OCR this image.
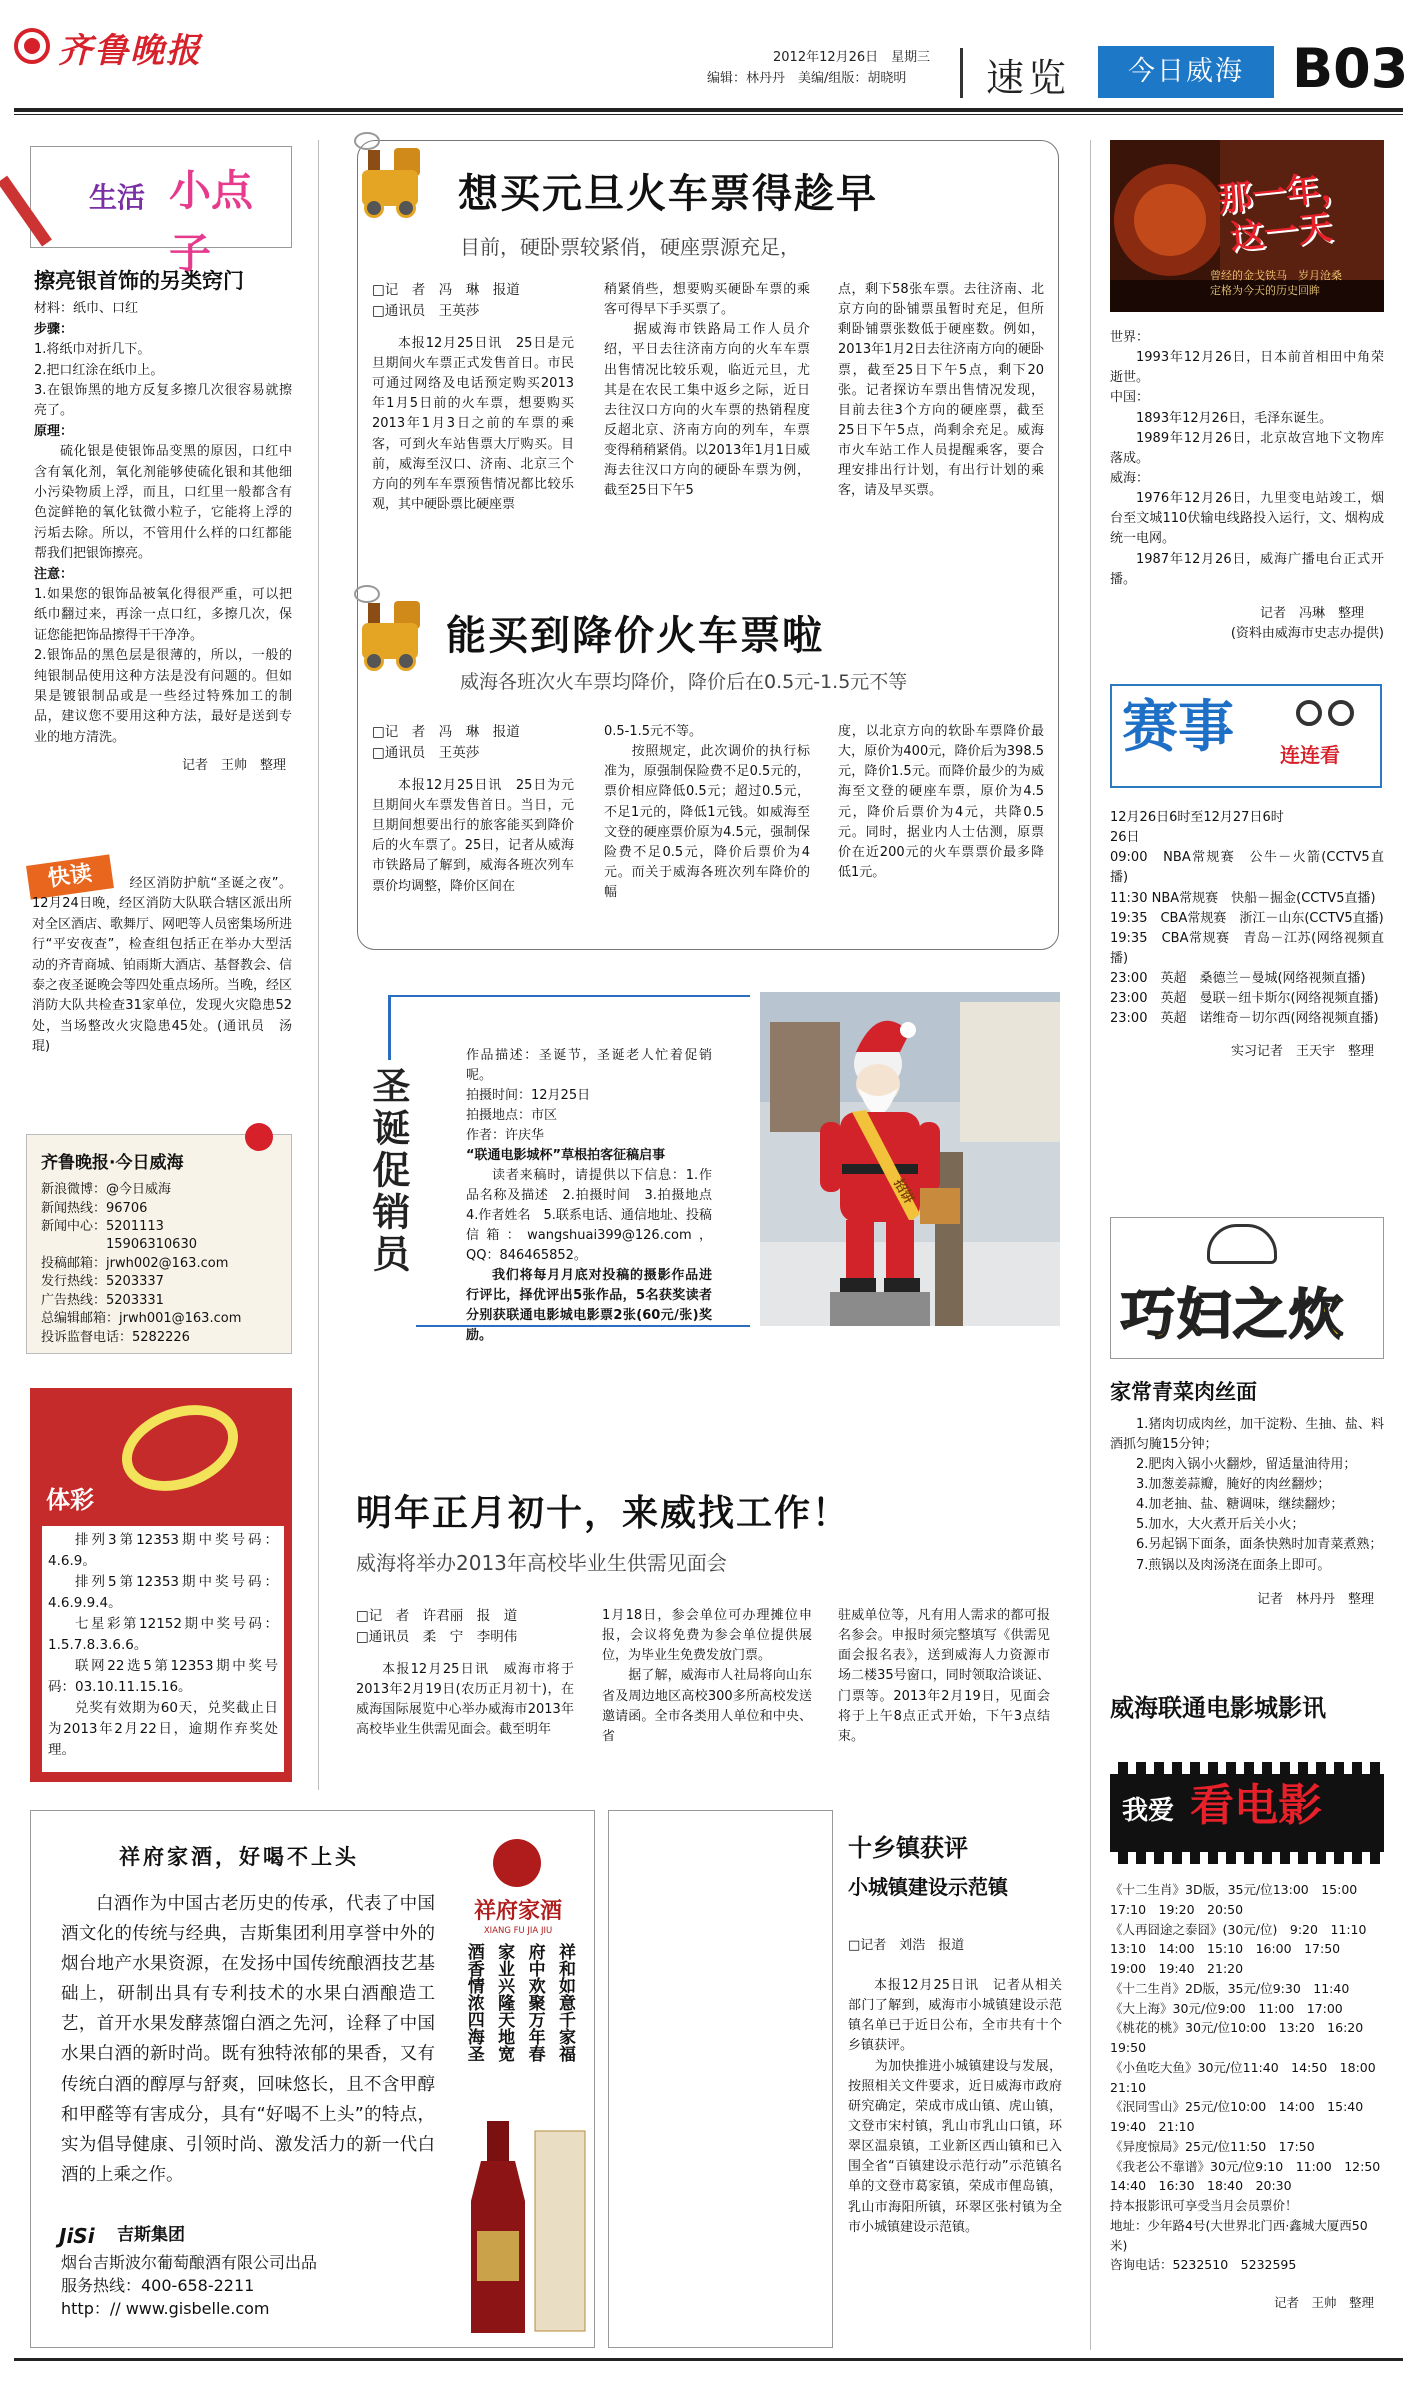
齐鲁晚报	2012年12月26日　星期三
编辑：林丹丹　美编/组版：胡晓明	速览	今日威海 B03
生活 小点子
擦亮银首饰的另类窍门

材料：纸巾、口红

步骤：

1.将纸巾对折几下。

2.把口红涂在纸巾上。

3.在银饰黑的地方反复多擦几次很容易就擦亮了。

原理：

硫化银是使银饰品变黑的原因，口红中含有氧化剂，氧化剂能够使硫化银和其他细小污染物质上浮，而且，口红里一般都含有色淀鲜艳的氧化钛微小粒子，它能将上浮的污垢去除。所以，不管用什么样的口红都能帮我们把银饰擦亮。

注意：

1.如果您的银饰品被氧化得很严重，可以把纸巾翻过来，再涂一点口红，多擦几次，保证您能把饰品擦得干干净净。

2.银饰品的黑色层是很薄的，所以，一般的纯银制品使用这种方法是没有问题的。但如果是镀银制品或是一些经过特殊加工的制品，建议您不要用这种方法，最好是送到专业的地方清洗。

记者　王帅　整理

快读	经区消防护航“圣诞之夜”。12月24日晚，经区消防大队联合辖区派出所对全区酒店、歌舞厅、网吧等人员密集场所进行“平安夜查”，检查组包括正在举办大型活动的齐青商城、铂雨斯大酒店、基督教会、信泰之夜圣诞晚会等四处重点场所。当晚，经区消防大队共检查31家单位，发现火灾隐患52处，当场整改火灾隐患45处。(通讯员　汤琨)
齐鲁晚报·今日威海
新浪微博：@今日威海
新闻热线：96706
新闻中心：5201113
　　　　　15906310630
投稿邮箱：jrwh002@163.com
发行热线：5203337
广告热线：5203331
总编辑邮箱：jrwh001@163.com
投诉监督电话：5282226
体彩

排列3第12353期中奖号码：4.6.9。

排列5第12353期中奖号码：4.6.9.9.4。

七星彩第12152期中奖号码：1.5.7.8.3.6.6。

联网22选5第12353期中奖号码：03.10.11.15.16。

兑奖有效期为60天，兑奖截止日为2013年2月22日，逾期作弃奖处理。

想买元旦火车票得趁早
目前，硬卧票较紧俏，硬座票源充足，

□记　者　冯　琳　报道

□通讯员　王英莎

本报12月25日讯　25日是元旦期间火车票正式发售首日。市民可通过网络及电话预定购买2013年1月5日前的火车票，想要购买2013年1月3日之前的车票的乘客，可到火车站售票大厅购买。目前，威海至汉口、济南、北京三个方向的列车车票预售情况都比较乐观，其中硬卧票比硬座票

稍紧俏些，想要购买硬卧车票的乘客可得早下手买票了。
　　据威海市铁路局工作人员介绍，平日去往济南方向的火车车票出售情况比较乐观，临近元旦，尤其是在农民工集中返乡之际，近日去往汉口方向的火车票的热销程度反超北京、济南方向的列车，车票变得稍稍紧俏。以2013年1月1日威海去往汉口方向的硬卧车票为例，截至25日下午5
点，剩下58张车票。去往济南、北京方向的卧铺票虽暂时充足，但所剩卧铺票张数低于硬座数。例如，2013年1月2日去往济南方向的硬卧票，截至25日下午5点，剩下20张。记者探访车票出售情况发现，目前去往3个方向的硬座票，截至25日下午5点，尚剩余充足。威海市火车站工作人员提醒乘客，要合理安排出行计划，有出行计划的乘客，请及早买票。
能买到降价火车票啦
威海各班次火车票均降价，降价后在0.5元-1.5元不等

□记　者　冯　琳　报道

□通讯员　王英莎

本报12月25日讯　25日为元旦期间火车票发售首日。当日，元旦期间想要出行的旅客能买到降价后的火车票了。25日，记者从威海市铁路局了解到，威海各班次列车票价均调整，降价区间在

0.5-1.5元不等。
　　按照规定，此次调价的执行标准为，原强制保险费不足0.5元的，票价相应降低0.5元；超过0.5元，不足1元的，降低1元钱。如威海至文登的硬座票价原为4.5元，强制保险费不足0.5元，降价后票价为4元。而关于威海各班次列车降价的幅
度，以北京方向的软卧车票降价最大，原价为400元，降价后为398.5元，降价1.5元。而降价最少的为威海至文登的硬座车票，原价为4.5元，降价后票价为4元，共降0.5元。同时，据业内人士估测，原票价在近200元的火车票票价最多降低1元。
圣诞促销员

作品描述：圣诞节，圣诞老人忙着促销呢。

拍摄时间：12月25日

拍摄地点：市区

作者：许庆华

“联通电影城杯”草根拍客征稿启事

读者来稿时，请提供以下信息：1.作品名称及描述　2.拍摄时间　3.拍摄地点　4.作者姓名　5.联系电话、通信地址、投稿信箱：wangshuai399@126.com，QQ：846465852。

我们将每月月底对投稿的摄影作品进行评比，择优评出5张作品，5名获奖读者分别获联通电影城电影票2张(60元/张)奖励。

招饼
明年正月初十，来威找工作！
威海将举办2013年高校毕业生供需见面会

□记　者　许君丽　报　道

□通讯员　柔　宁　李明伟

本报12月25日讯　威海市将于2013年2月19日(农历正月初十)，在威海国际展览中心举办威海市2013年高校毕业生供需见面会。截至明年

1月18日，参会单位可办理摊位申报，会议将免费为参会单位提供展位，为毕业生免费发放门票。
　　据了解，威海市人社局将向山东省及周边地区高校300多所高校发送邀请函。全市各类用人单位和中央、省
驻威单位等，凡有用人需求的都可报名参会。申报时须完整填写《供需见面会报名表》，送到威海人力资源市场二楼35号窗口，同时领取洽谈证、门票等。2013年2月19日，见面会将于上午8点正式开始，下午3点结束。
那一年，
这一天
曾经的金戈铁马　岁月沧桑
定格为今天的历史回眸

世界：

1993年12月26日，日本前首相田中角荣逝世。

中国：

1893年12月26日，毛泽东诞生。

1989年12月26日，北京故宫地下文物库落成。

威海：

1976年12月26日，九里变电站竣工，烟台至文城110伏输电线路投入运行，文、烟构成统一电网。

1987年12月26日，威海广播电台正式开播。

记者　冯琳　整理

(资料由威海市史志办提供)

赛事 连连看

12月26日6时至12月27日6时

26日

09:00　NBA常规赛　公牛－火箭(CCTV5直播)

11:30 NBA常规赛　快船－掘金(CCTV5直播)

19:35　CBA常规赛　浙江－山东(CCTV5直播)

19:35　CBA常规赛　青岛－江苏(网络视频直播)

23:00　英超　桑德兰－曼城(网络视频直播)

23:00　英超　曼联－纽卡斯尔(网络视频直播)

23:00　英超　诺维奇－切尔西(网络视频直播)

实习记者　王天宇　整理

巧妇之炊
家常青菜肉丝面

1.猪肉切成肉丝，加干淀粉、生抽、盐、料酒抓匀腌15分钟；

2.肥肉入锅小火翻炒，留适量油待用；

3.加葱姜蒜瓣，腌好的肉丝翻炒；

4.加老抽、盐、糖调味，继续翻炒；

5.加水，大火煮开后关小火；

6.另起锅下面条，面条快熟时加青菜煮熟；

7.煎锅以及肉汤浇在面条上即可。

记者　林丹丹　整理

威海联通电影城影讯
我爱 看电影

《十二生肖》3D版，35元/位13:00　15:00　17:10　19:20　20:50

《人再囧途之泰囧》(30元/位)　9:20　11:10　13:10　14:00　15:10　16:00　17:50　19:00　19:40　21:20

《十二生肖》2D版，35元/位9:30　11:40

《大上海》30元/位9:00　11:00　17:00

《桃花的桃》30元/位10:00　13:20　16:20　19:50

《小鱼吃大鱼》30元/位11:40　14:50　18:00　21:10

《泯同雪山》25元/位10:00　14:00　15:40　19:40　21:10

《异度惊局》25元/位11:50　17:50

《我老公不靠谱》30元/位9:10　11:00　12:50　14:40　16:30　18:40　20:30

持本报影讯可享受当月会员票价！

地址：少年路4号(大世界北门西·鑫城大厦西50米)

咨询电话：5232510　5232595

记者　王帅　整理

祥府家酒，好喝不上头
白酒作为中国古老历史的传承，代表了中国酒文化的传统与经典，吉斯集团利用享誉中外的烟台地产水果资源，在发扬中国传统酿酒技艺基础上，研制出具有专利技术的水果白酒酿造工艺，首开水果发酵蒸馏白酒之先河，诠释了中国水果白酒的新时尚。既有独特浓郁的果香，又有传统白酒的醇厚与舒爽，回味悠长，且不含甲醇和甲醛等有害成分，具有“好喝不上头”的特点，实为倡导健康、引领时尚、激发活力的新一代白酒的上乘之作。
JiSi 吉斯集团
烟台吉斯波尔葡萄酿酒有限公司出品
服务热线：400-658-2211
http：// www.gisbelle.com
祥府家酒
XIANG FU JIA JIU
祥和如意千家福
府中欢聚万年春
家业兴隆天地宽
酒香情浓四海圣
十乡镇获评
小城镇建设示范镇
□记者　刘浩　报道
本报12月25日讯　记者从相关部门了解到，威海市小城镇建设示范镇名单已于近日公布，全市共有十个乡镇获评。
　　为加快推进小城镇建设与发展，按照相关文件要求，近日威海市政府研究确定，荣成市成山镇、虎山镇，文登市宋村镇，乳山市乳山口镇，环翠区温泉镇，工业新区西山镇和已入围全省“百镇建设示范行动”示范镇名单的文登市葛家镇，荣成市俚岛镇，乳山市海阳所镇，环翠区张村镇为全市小城镇建设示范镇。
